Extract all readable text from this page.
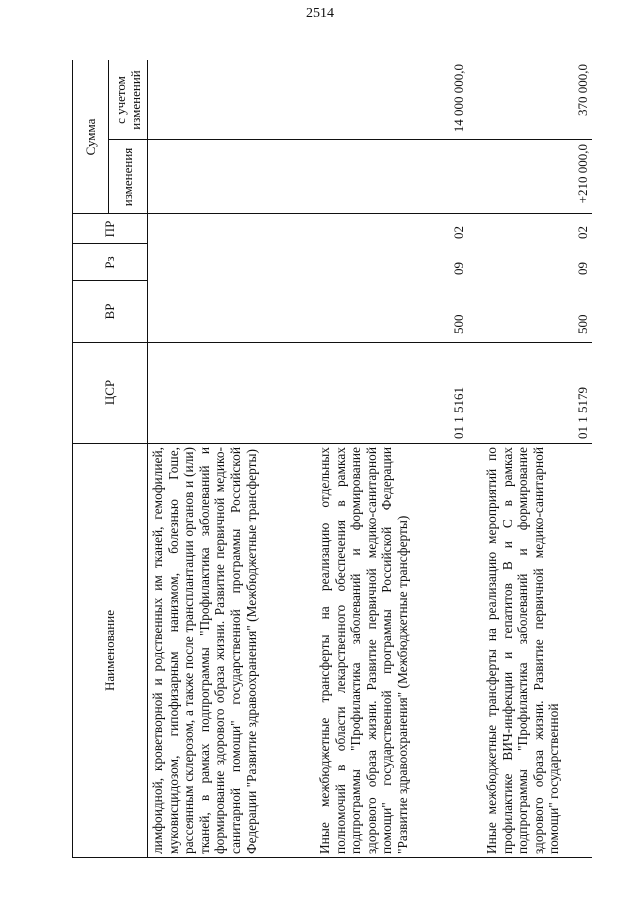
2514
Наименование
ЦСР
ВР
Рз
ПР
Сумма
изменения
с учетом изменений
лимфоидной, кроветворной и родственных им тканей, гемофилией, муковисцидозом, гипофизарным нанизмом, болезнью Гоше, рассеянным склерозом, а также после трансплантации органов и (или) тканей, в рамках подпрограммы "Профилактика заболеваний и формирование здорового образа жизни. Развитие первичной медико-санитарной помощи" государственной программы Российской Федерации "Развитие здравоохранения" (Межбюджетные трансферты)	Иные межбюджетные трансферты на реализацию отдельных полномочий в области лекарственного обеспечения в рамках подпрограммы "Профилактика заболеваний и формирование здорового образа жизни. Развитие первичной медико-санитарной помощи" государственной программы Российской Федерации "Развитие здравоохранения" (Межбюджетные трансферты)
01 1 5161
500
09
02
14 000 000,0
Иные межбюджетные трансферты на реализацию мероприятий по профилактике ВИЧ-инфекции и гепатитов В и С в рамках подпрограммы "Профилактика заболеваний и формирование здорового образа жизни. Развитие первичной медико-санитарной помощи" государственной
01 1 5179
500
09
02
+210 000,0
370 000,0
